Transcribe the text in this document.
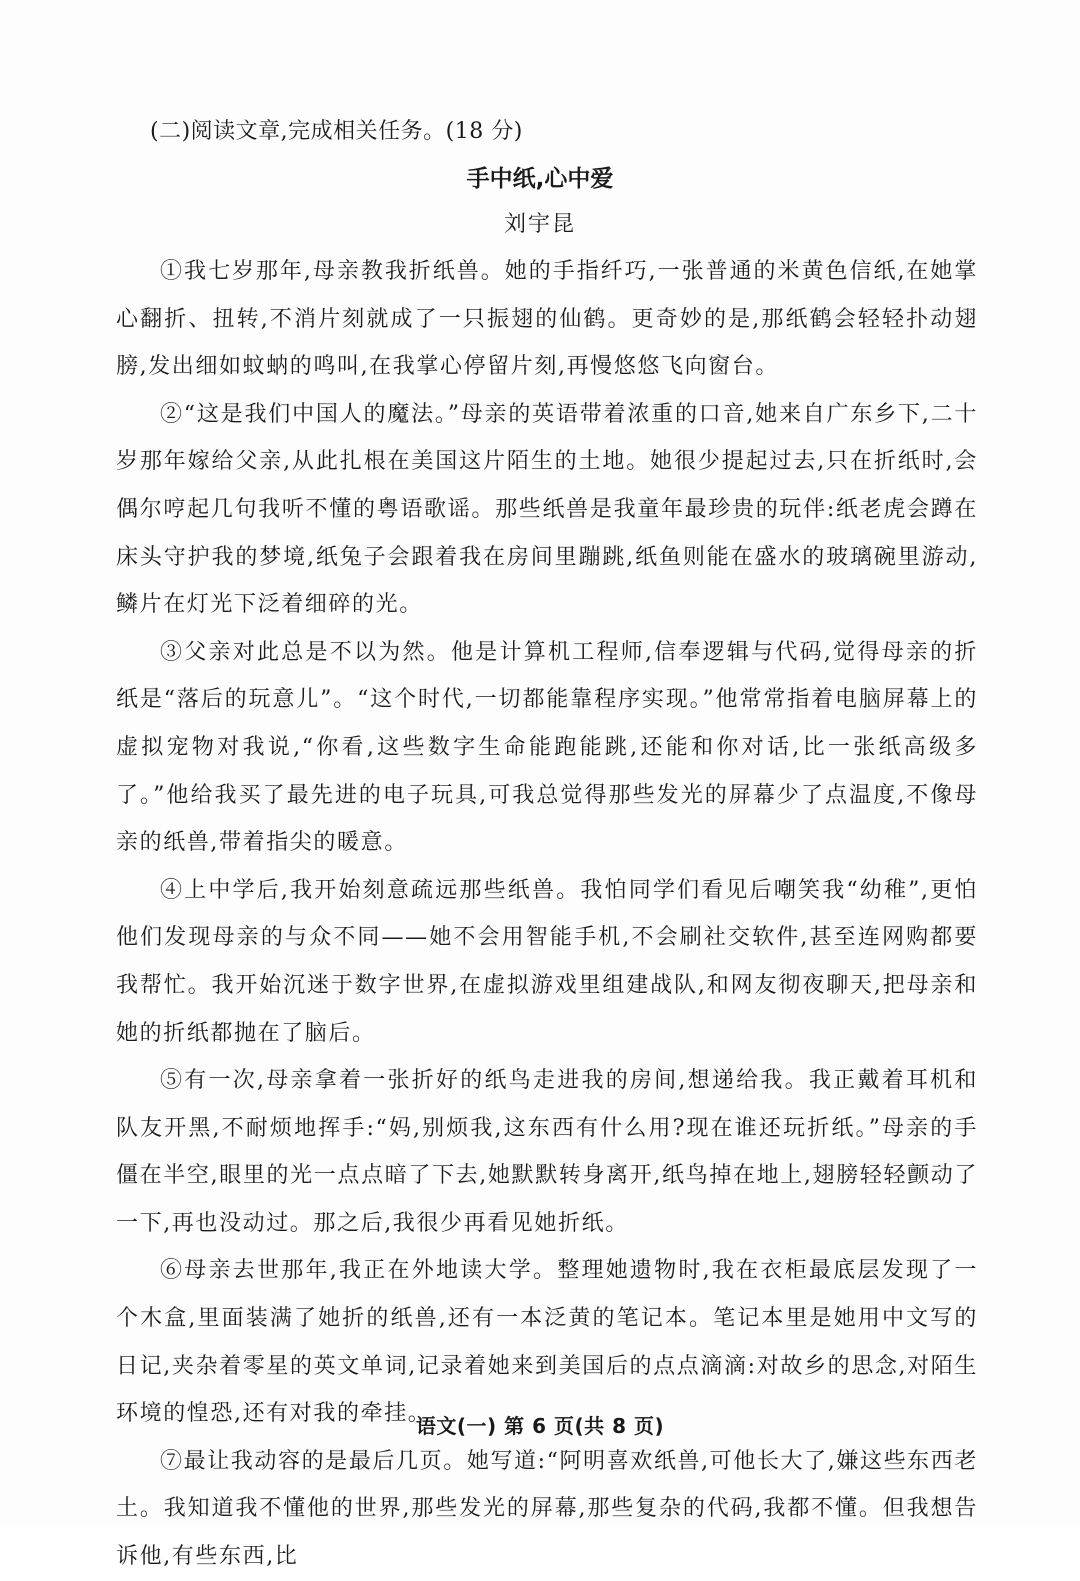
(二)阅读文章,完成相关任务。(18 分)
手中纸,心中爱
刘宇昆

①我七岁那年,母亲教我折纸兽。她的手指纤巧,一张普通的米黄色信纸,在她掌心翻折、扭转,不消片刻就成了一只振翅的仙鹤。更奇妙的是,那纸鹤会轻轻扑动翅膀,发出细如蚊蚋的鸣叫,在我掌心停留片刻,再慢悠悠飞向窗台。

②“这是我们中国人的魔法。”母亲的英语带着浓重的口音,她来自广东乡下,二十岁那年嫁给父亲,从此扎根在美国这片陌生的土地。她很少提起过去,只在折纸时,会偶尔哼起几句我听不懂的粤语歌谣。那些纸兽是我童年最珍贵的玩伴:纸老虎会蹲在床头守护我的梦境,纸兔子会跟着我在房间里蹦跳,纸鱼则能在盛水的玻璃碗里游动,鳞片在灯光下泛着细碎的光。

③父亲对此总是不以为然。他是计算机工程师,信奉逻辑与代码,觉得母亲的折纸是“落后的玩意儿”。“这个时代,一切都能靠程序实现。”他常常指着电脑屏幕上的虚拟宠物对我说,“你看,这些数字生命能跑能跳,还能和你对话,比一张纸高级多了。”他给我买了最先进的电子玩具,可我总觉得那些发光的屏幕少了点温度,不像母亲的纸兽,带着指尖的暖意。

④上中学后,我开始刻意疏远那些纸兽。我怕同学们看见后嘲笑我“幼稚”,更怕他们发现母亲的与众不同——她不会用智能手机,不会刷社交软件,甚至连网购都要我帮忙。我开始沉迷于数字世界,在虚拟游戏里组建战队,和网友彻夜聊天,把母亲和她的折纸都抛在了脑后。

⑤有一次,母亲拿着一张折好的纸鸟走进我的房间,想递给我。我正戴着耳机和队友开黑,不耐烦地挥手:“妈,别烦我,这东西有什么用?现在谁还玩折纸。”母亲的手僵在半空,眼里的光一点点暗了下去,她默默转身离开,纸鸟掉在地上,翅膀轻轻颤动了一下,再也没动过。那之后,我很少再看见她折纸。

⑥母亲去世那年,我正在外地读大学。整理她遗物时,我在衣柜最底层发现了一个木盒,里面装满了她折的纸兽,还有一本泛黄的笔记本。笔记本里是她用中文写的日记,夹杂着零星的英文单词,记录着她来到美国后的点点滴滴:对故乡的思念,对陌生环境的惶恐,还有对我的牵挂。

⑦最让我动容的是最后几页。她写道:“阿明喜欢纸兽,可他长大了,嫌这些东西老土。我知道我不懂他的世界,那些发光的屏幕,那些复杂的代码,我都不懂。但我想告诉他,有些东西,比

语文(一) 第 6 页(共 8 页)
